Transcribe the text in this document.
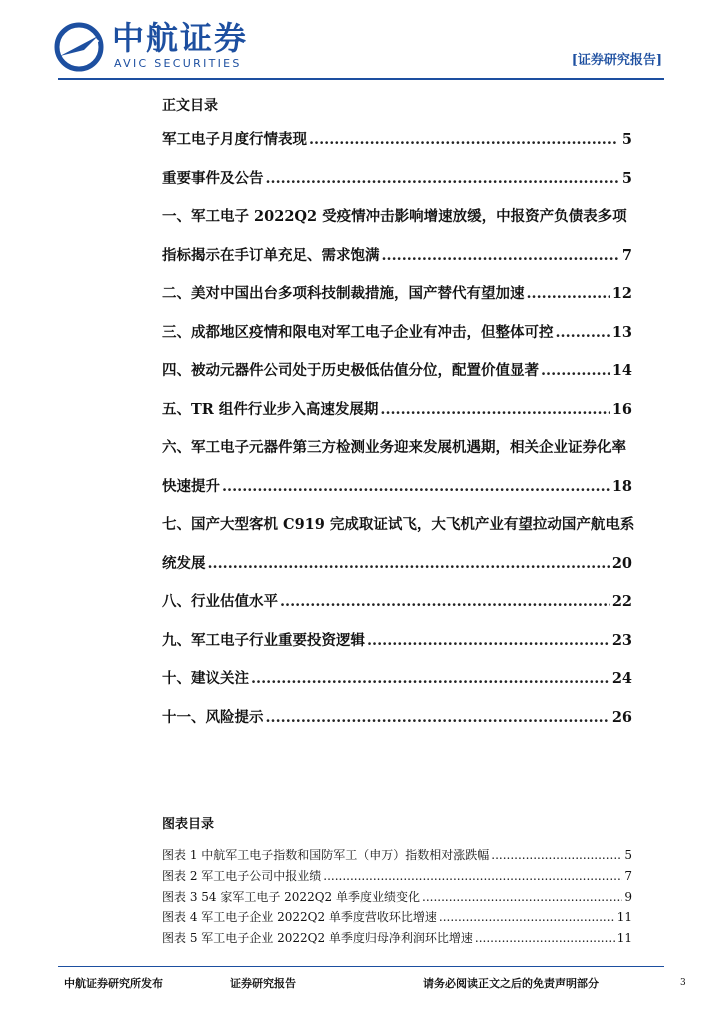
中航证券
AVIC SECURITIES	[证券研究报告]
正文目录
军工电子月度行情表现 .....	5
重要事件及公告 .....	5
一、军工电子 2022Q2 受疫情冲击影响增速放缓，中报资产负债表多项
指标揭示在手订单充足、需求饱满 .....	7
二、美对中国出台多项科技制裁措施，国产替代有望加速 .....	12
三、成都地区疫情和限电对军工电子企业有冲击，但整体可控 .....	13
四、被动元器件公司处于历史极低估值分位，配置价值显著 .....	14
五、TR 组件行业步入高速发展期 .....	16
六、军工电子元器件第三方检测业务迎来发展机遇期，相关企业证券化率
快速提升 .....	18
七、国产大型客机 C919 完成取证试飞，大飞机产业有望拉动国产航电系
统发展 .....	20
八、行业估值水平 .....	22
九、军工电子行业重要投资逻辑 .....	23
十、建议关注 .....	24
十一、风险提示 .....	26
图表目录
图表 1 中航军工电子指数和国防军工（申万）指数相对涨跌幅 .....	5
图表 2 军工电子公司中报业绩 .....	7
图表 3 54 家军工电子 2022Q2 单季度业绩变化 .....	9
图表 4 军工电子企业 2022Q2 单季度营收环比增速 .....	11
图表 5 军工电子企业 2022Q2 单季度归母净利润环比增速 .....	11
中航证券研究所发布	证券研究报告	请务必阅读正文之后的免责声明部分	3
